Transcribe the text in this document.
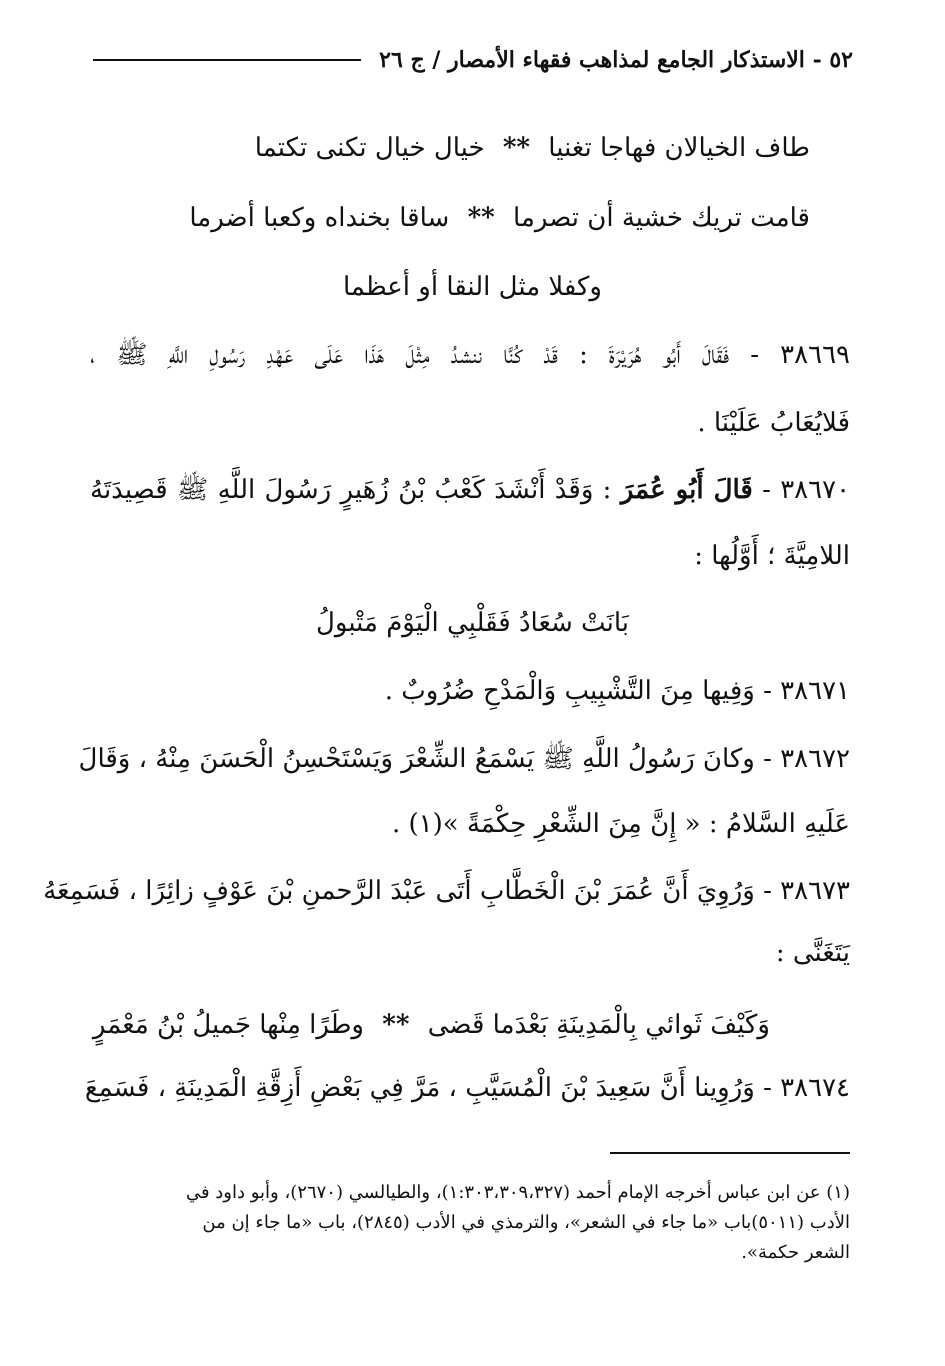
٥٢ - الاستذكار الجامع لمذاهب فقهاء الأمصار / ج ٢٦
طاف الخيالان فهاجا تغنيا ** خيال خيال تكنى تكتما
قامت تريك خشية أن تصرما ** ساقا بخنداه وكعبا أضرما
وكفلا مثل النقا أو أعظما
٣٨٦٦٩ - فَقَالَ أَبُو هُرَيْرَةَ : قَدْ كُنَّا ننشدُ مِثْلَ هَذَا عَلَى عَهْدِ رَسُولِ اللَّهِ ﷺ ،
فَلايُعَابُ عَلَيْنَا .
٣٨٦٧٠ - قَالَ أَبُو عُمَرَ : وَقَدْ أَنْشَدَ كَعْبُ بْنُ زُهَيرٍ رَسُولَ اللَّهِ ﷺ قَصِيدَتَهُ
اللامِيَّةَ ؛ أَوَّلُها :
بَانَتْ سُعَادُ فَقَلْبِي الْيَوْمَ مَتْبولُ
٣٨٦٧١ - وَفِيها مِنَ التَّشْبِيبِ وَالْمَدْحِ ضُرُوبٌ .
٣٨٦٧٢ - وكانَ رَسُولُ اللَّهِ ﷺ يَسْمَعُ الشِّعْرَ وَيَسْتَحْسِنُ الْحَسَنَ مِنْهُ ، وَقَالَ
عَلَيهِ السَّلامُ : « إِنَّ مِنَ الشِّعْرِ حِكْمَةً »(١) .
٣٨٦٧٣ - وَرُوِيَ أَنَّ عُمَرَ بْنَ الْخَطَّابِ أَتَى عَبْدَ الرَّحمنِ بْنَ عَوْفٍ زائِرًا ، فَسَمِعَهُ
يَتَغَنَّى :
وَكَيْفَ ثَوائي بِالْمَدِينَةِ بَعْدَما قَضى ** وطَرًا مِنْها جَميلُ بْنُ مَعْمَرٍ
٣٨٦٧٤ - وَرُوِينا أَنَّ سَعِيدَ بْنَ الْمُسَيَّبِ ، مَرَّ فِي بَعْضِ أَزِقَّةِ الْمَدِينَةِ ، فَسَمِعَ
(١) عن ابن عباس أخرجه الإمام أحمد (١:٣٠٣،٣٠٩،٣٢٧)، والطيالسي (٢٦٧٠)، وأبو داود في
الأدب (٥٠١١)باب «ما جاء في الشعر»، والترمذي في الأدب (٢٨٤٥)، باب «ما جاء إن من
الشعر حكمة».
